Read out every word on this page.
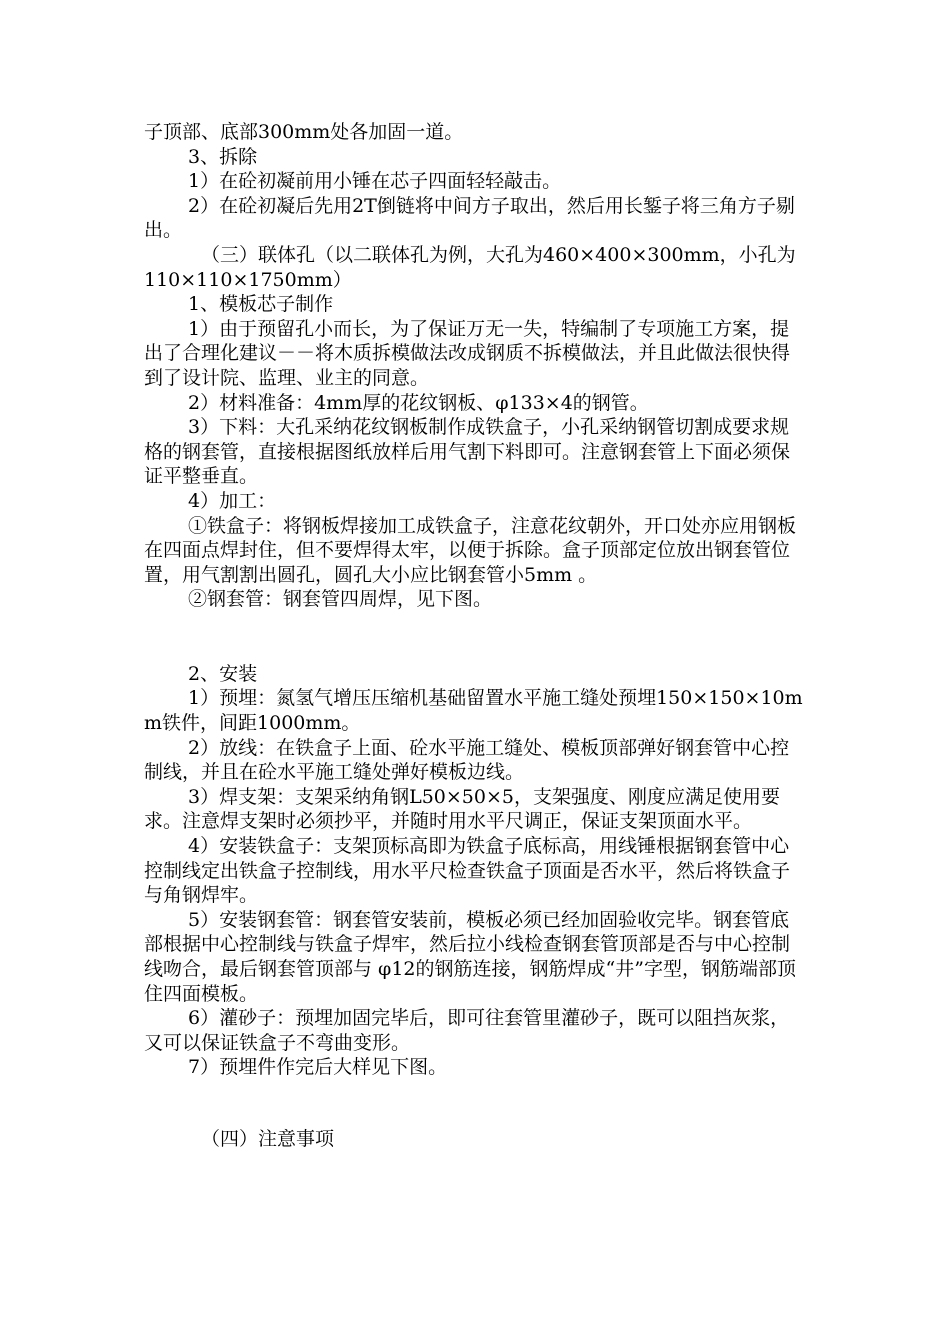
子顶部、底部300mm处各加固一道。

3、拆除

1）在砼初凝前用小锤在芯子四面轻轻敲击。

2）在砼初凝后先用2T倒链将中间方子取出，然后用长錾子将三角方子剔出。

（三）联体孔（以二联体孔为例，大孔为460×400×300mm，小孔为110×110×1750mm）

1、模板芯子制作

1）由于预留孔小而长，为了保证万无一失，特编制了专项施工方案，提出了合理化建议－－将木质拆模做法改成钢质不拆模做法，并且此做法很快得到了设计院、监理、业主的同意。

2）材料准备：4mm厚的花纹钢板、φ133×4的钢管。

3）下料：大孔采纳花纹钢板制作成铁盒子，小孔采纳钢管切割成要求规格的钢套管，直接根据图纸放样后用气割下料即可。注意钢套管上下面必须保证平整垂直。

4）加工：

①铁盒子：将钢板焊接加工成铁盒子，注意花纹朝外，开口处亦应用钢板在四面点焊封住，但不要焊得太牢，以便于拆除。盒子顶部定位放出钢套管位置，用气割割出圆孔，圆孔大小应比钢套管小5mm 。

②钢套管：钢套管四周焊，见下图。

2、安装

1）预埋：氮氢气增压压缩机基础留置水平施工缝处预埋150×150×10mm铁件，间距1000mm。

2）放线：在铁盒子上面、砼水平施工缝处、模板顶部弹好钢套管中心控制线，并且在砼水平施工缝处弹好模板边线。

3）焊支架：支架采纳角钢L50×50×5，支架强度、刚度应满足使用要求。注意焊支架时必须抄平，并随时用水平尺调正，保证支架顶面水平。

4）安装铁盒子：支架顶标高即为铁盒子底标高，用线锤根据钢套管中心控制线定出铁盒子控制线，用水平尺检查铁盒子顶面是否水平，然后将铁盒子与角钢焊牢。

5）安装钢套管：钢套管安装前，模板必须已经加固验收完毕。钢套管底部根据中心控制线与铁盒子焊牢，然后拉小线检查钢套管顶部是否与中心控制线吻合，最后钢套管顶部与 φ12的钢筋连接，钢筋焊成“井”字型，钢筋端部顶住四面模板。

6）灌砂子：预埋加固完毕后，即可往套管里灌砂子，既可以阻挡灰浆，又可以保证铁盒子不弯曲变形。

7）预埋件作完后大样见下图。

（四）注意事项
